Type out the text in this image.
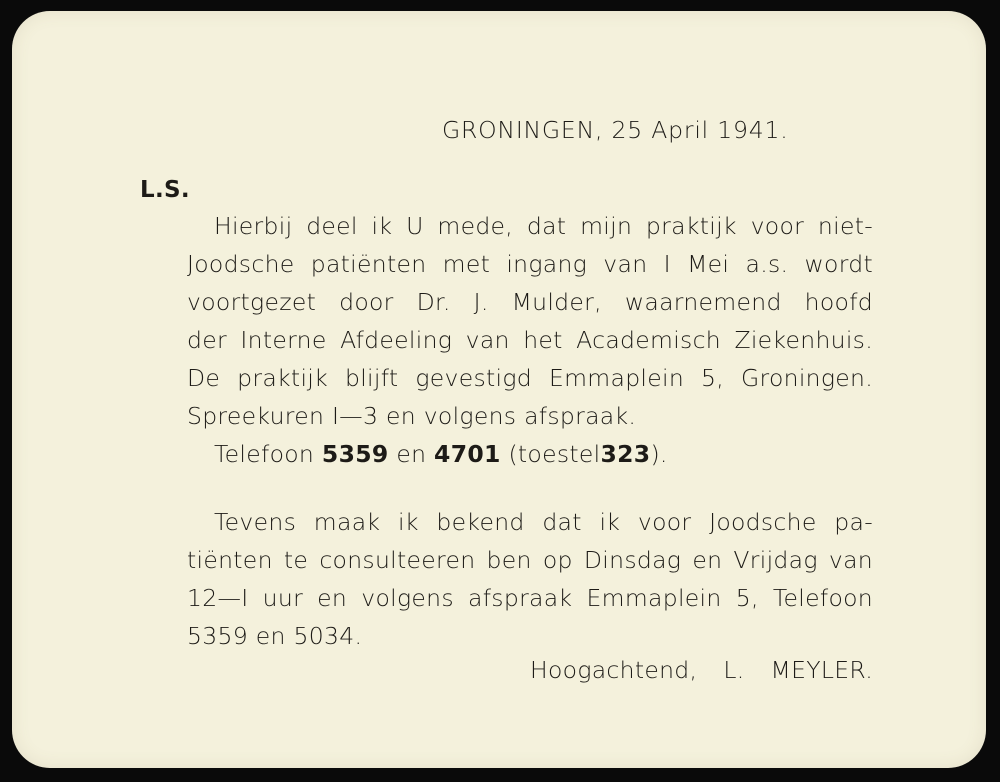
GRONINGEN, 25 April 1941.
L.S.
Hierbij deel ik U mede, dat mijn praktijk voor niet-
Joodsche patiënten met ingang van I Mei a.s. wordt
voortgezet door Dr. J. Mulder, waarnemend hoofd
der Interne Afdeeling van het Academisch Ziekenhuis.
De praktijk blijft gevestigd Emmaplein 5, Groningen.
Spreekuren I—3 en volgens afspraak.
Telefoon 5359 en 4701 (toestel323).
Tevens maak ik bekend dat ik voor Joodsche pa-
tiënten te consulteeren ben op Dinsdag en Vrijdag van
12—I uur en volgens afspraak Emmaplein 5, Telefoon
5359 en 5034.
Hoogachtend, L. MEYLER.
